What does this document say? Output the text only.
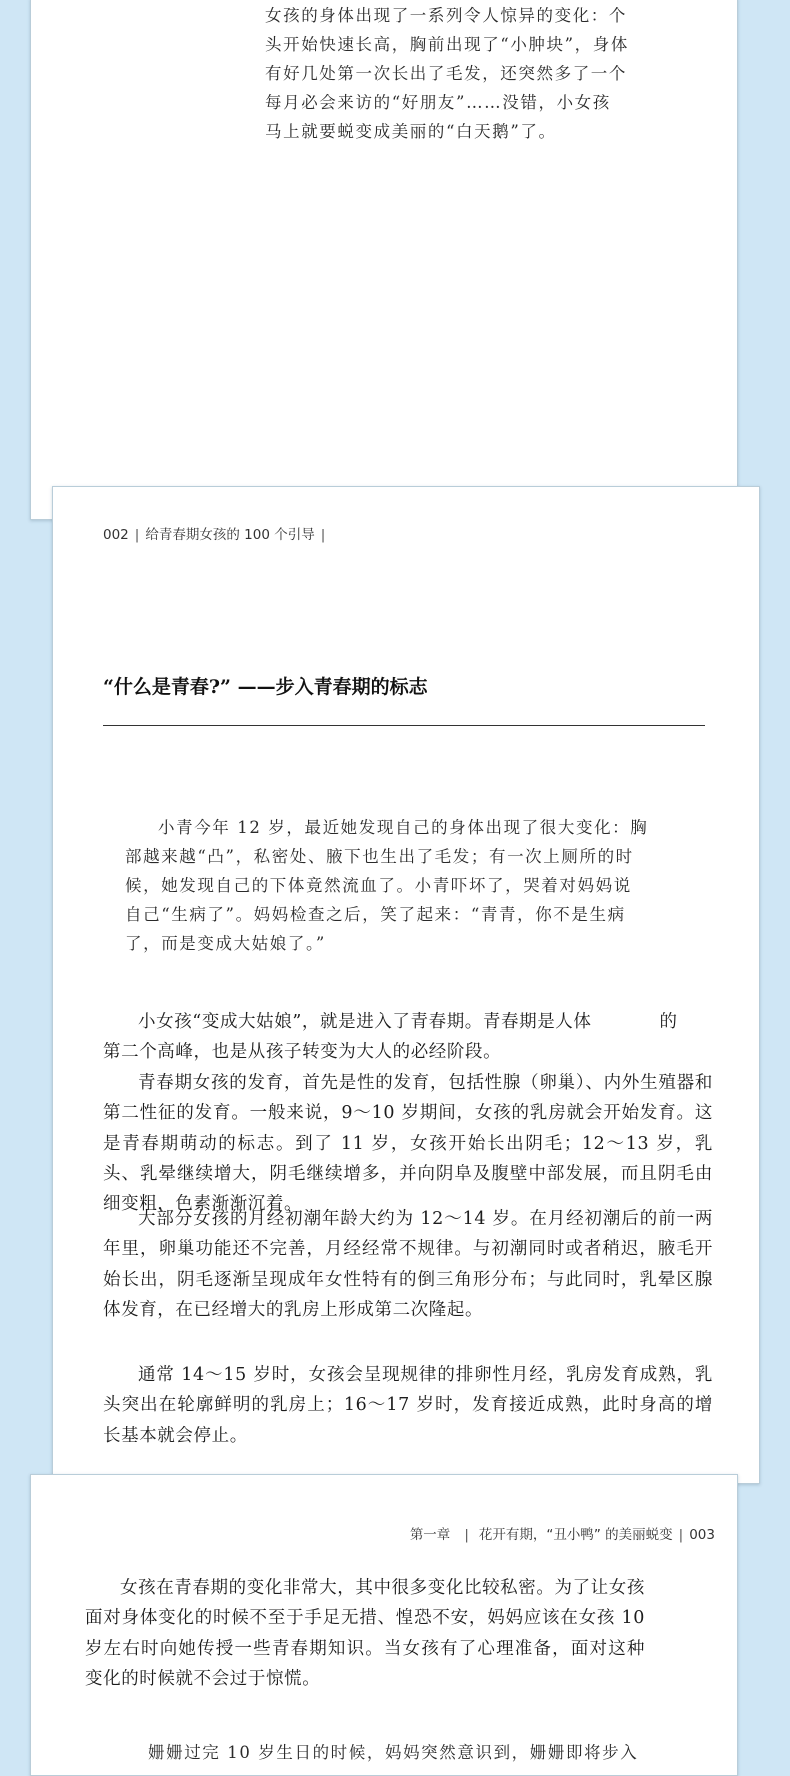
女孩的身体出现了一系列令人惊异的变化：个
头开始快速长高，胸前出现了“小肿块”，身体
有好几处第一次长出了毛发，还突然多了一个
每月必会来访的“好朋友”……没错，小女孩
马上就要蜕变成美丽的“白天鹅”了。
002 | 给青春期女孩的 100 个引导 |
“什么是青春?” ——步入青春期的标志
小青今年 12 岁，最近她发现自己的身体出现了很大变化：胸
部越来越“凸”，私密处、腋下也生出了毛发；有一次上厕所的时
候，她发现自己的下体竟然流血了。小青吓坏了，哭着对妈妈说
自己“生病了”。妈妈检查之后，笑了起来：“青青，你不是生病
了，而是变成大姑娘了。”
小女孩“变成大姑娘”，就是进入了青春期。青春期是人体	的
第二个高峰，也是从孩子转变为大人的必经阶段。

青春期女孩的发育，首先是性的发育，包括性腺（卵巢）、内外生殖器和第二性征的发育。一般来说，9～10 岁期间，女孩的乳房就会开始发育。这是青春期萌动的标志。到了 11 岁，女孩开始长出阴毛；12～13 岁，乳头、乳晕继续增大，阴毛继续增多，并向阴阜及腹壁中部发展，而且阴毛由细变粗，色素渐渐沉着。

大部分女孩的月经初潮年龄大约为 12～14 岁。在月经初潮后的前一两年里，卵巢功能还不完善，月经经常不规律。与初潮同时或者稍迟，腋毛开始长出，阴毛逐渐呈现成年女性特有的倒三角形分布；与此同时，乳晕区腺体发育，在已经增大的乳房上形成第二次隆起。

通常 14～15 岁时，女孩会呈现规律的排卵性月经，乳房发育成熟，乳头突出在轮廓鲜明的乳房上；16～17 岁时，发育接近成熟，此时身高的增长基本就会停止。

第一章 | 花开有期，“丑小鸭” 的美丽蜕变 | 003

女孩在青春期的变化非常大，其中很多变化比较私密。为了让女孩面对身体变化的时候不至于手足无措、惶恐不安，妈妈应该在女孩 10 岁左右时向她传授一些青春期知识。当女孩有了心理准备，面对这种变化的时候就不会过于惊慌。

姗姗过完 10 岁生日的时候，妈妈突然意识到，姗姗即将步入
